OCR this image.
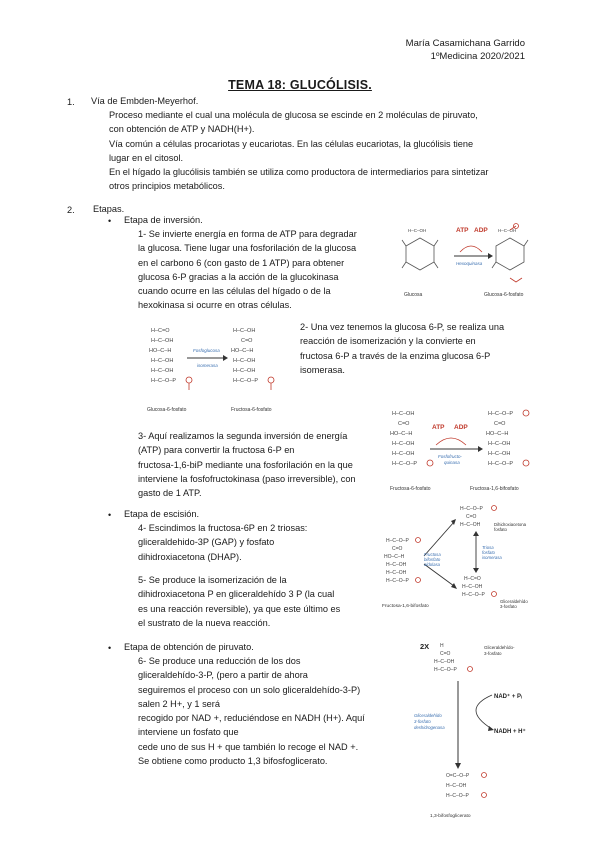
María Casamichana Garrido
1ºMedicina 2020/2021
TEMA 18: GLUCÓLISIS.
1. Vía de Embden-Meyerhof.
Proceso mediante el cual una molécula de glucosa se escinde en 2 moléculas de piruvato,
con obtención de ATP y NADH(H+).
Vía común a células procariotas y eucariotas. En las células eucariotas, la glucólisis tiene
lugar en el citosol.
En el hígado la glucólisis también se utiliza como productora de intermediarios para sintetizar
otros principios metabólicos.
2. Etapas.
• Etapa de inversión.
1- Se invierte energía en forma de ATP para degradar
la glucosa. Tiene lugar una fosforilación de la glucosa
en el carbono 6 (con gasto de 1 ATP) para obtener
glucosa 6-P gracias a la acción de la glucokinasa
cuando ocurre en las células del hígado o de la
hexokinasa si ocurre en otras células.
2- Una vez tenemos la glucosa 6-P, se realiza una
reacción de isomerización y la convierte en
fructosa 6-P a través de la enzima glucosa 6-P
isomerasa.
3- Aquí realizamos la segunda inversión de energía
(ATP) para convertir la fructosa 6-P en
fructosa-1,6-biP mediante una fosforilación en la que
interviene la fosfofructokinasa (paso irreversible), con
gasto de 1 ATP.
• Etapa de escisión.
4- Escindimos la fructosa-6P en 2 triosas:
gliceraldehido-3P (GAP) y fosfato
dihidroxiacetona (DHAP).
5- Se produce la isomerización de la
dihidroxiacetona P en gliceraldehído 3 P (la cual
es una reacción reversible), ya que este último es
el sustrato de la nueva reacción.
• Etapa de obtención de piruvato.
6- Se produce una reducción de los dos
gliceraldehído-3-P, (pero a partir de ahora
seguiremos el proceso con un solo gliceraldehído-3-P)
salen 2 H+, y 1 será
recogido por NAD +, reduciéndose en NADH (H+). Aquí
interviene un fosfato que
cede uno de sus H + que también lo recoge el NAD +.
Se obtiene como producto 1,3 bifosfoglicerato.
H–C–OH	H–C–OH
ATP ADP
Hexoquinasa
Glucosa	Glucosa-6-fosfato
H–C=O
H–C–OH
HO–C–H
H–C–OH
H–C–OH
H–C–O–P
H–C–OH
C=O
HO–C–H
H–C–OH
H–C–OH
H–C–O–P
Fosfoglucosa
isomerasa
Glucosa-6-fosfato	Fructosa-6-fosfato
H–C–OH
C=O
HO–C–H
H–C–OH
H–C–OH
H–C–O–P
H–C–O–P
C=O
HO–C–H
H–C–OH
H–C–OH
H–C–O–P
ATP ADP
Fosfofructo-
quinasa
Fructosa-6-fosfato	Fructosa-1,6-bifosfato
H–C–O–P
C=O
HO–C–H
H–C–OH
H–C–OH
H–C–O–P
H–C–O–P
C=O
H–C–OH
H–C=O
H–C–OH
H–C–O–P
Fructosa
bifosfato
aldolasa
Triosa
fosfato
isomerasa
Dihidroxiacetona
fosfato
Gliceraldehído
3-fosfato
Fructosa-1,6-bifosfato
2X H
C=O
H–C–OH
H–C–O–P
O=C–O–P
H–C–OH
H–C–O–P
Gliceraldehído-
3-fosfato
Gliceraldehído
3-fosfato
deshidrogenasa
NAD⁺ + Pᵢ
NADH + H⁺
1,3-bifosfoglicerato
